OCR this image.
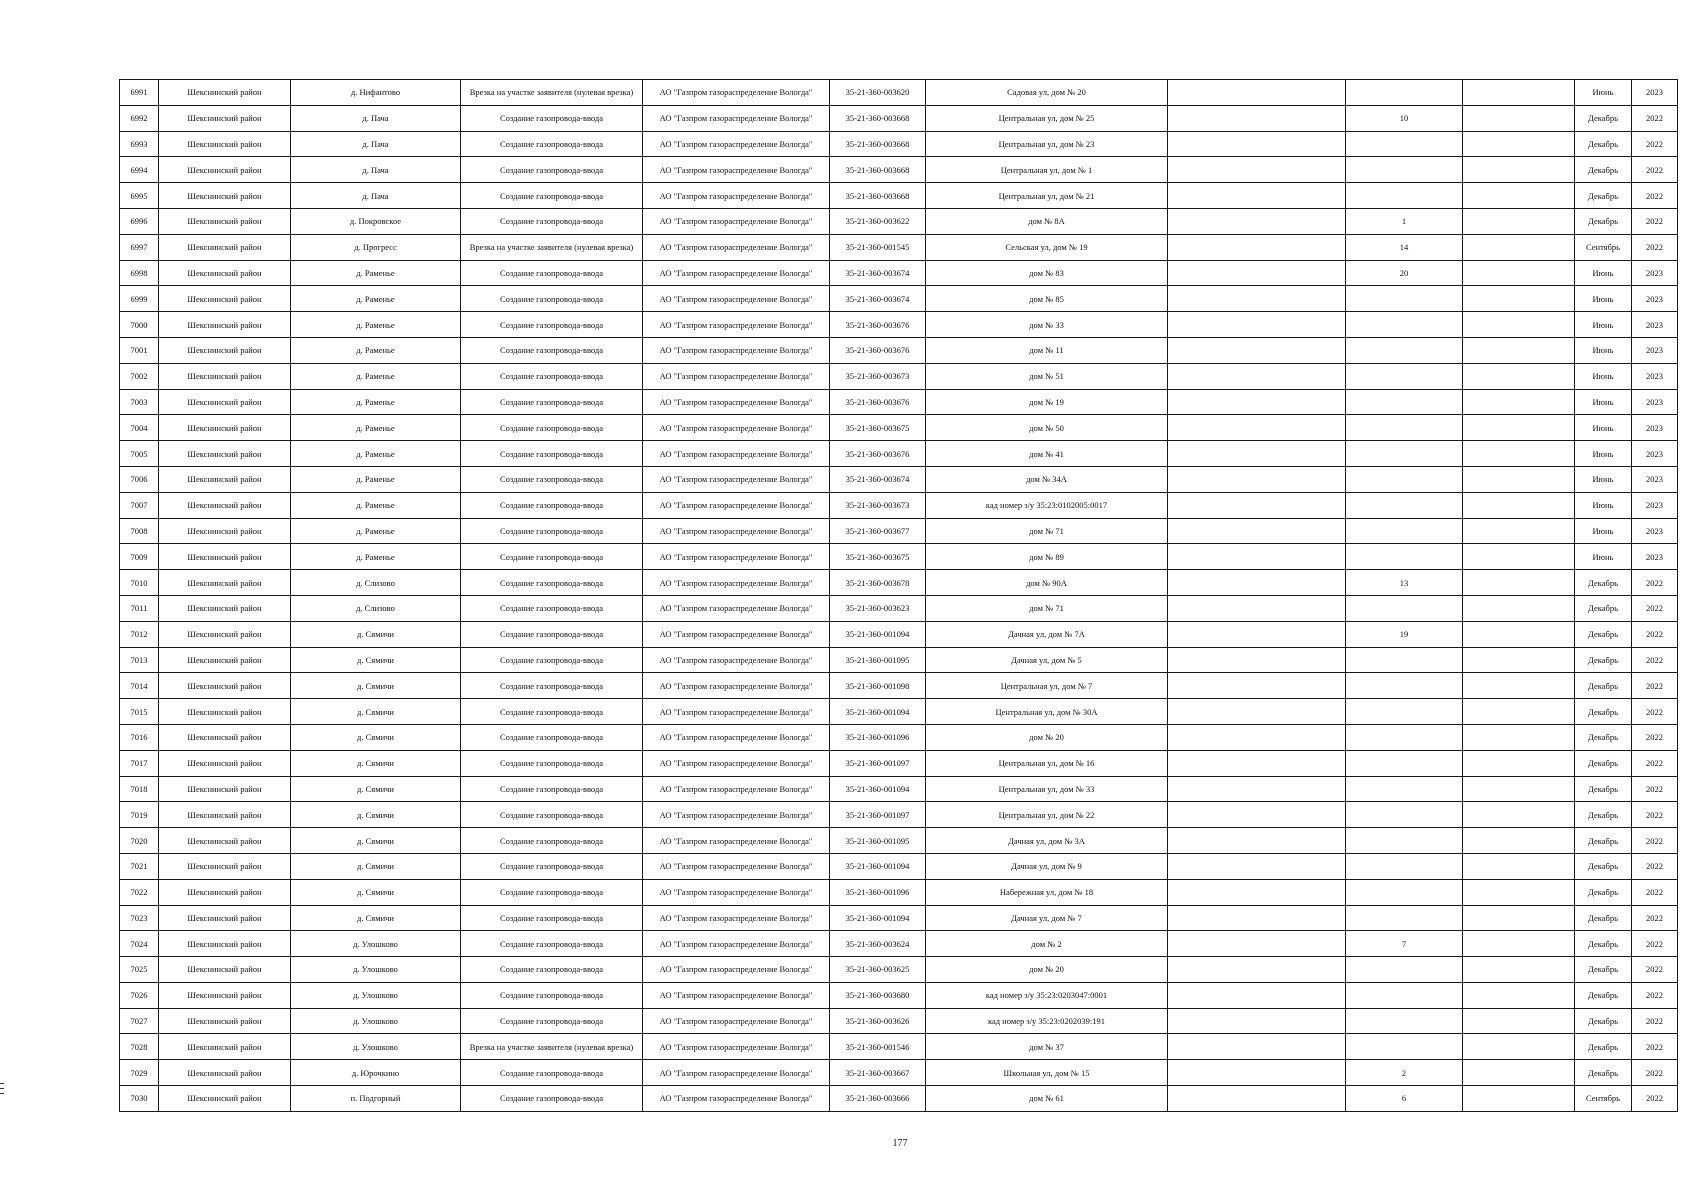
6991	Шекснинский район	д. Нифантово	Врезка на участке заявителя (нулевая врезка)	АО "Газпром газораспределение Вологда"	35-21-360-003620	Садовая ул, дом № 20				Июнь	2023
6992	Шекснинский район	д. Пача	Создание газопровода-ввода	АО "Газпром газораспределение Вологда"	35-21-360-003668	Центральная ул, дом № 25		10		Декабрь	2022
6993	Шекснинский район	д. Пача	Создание газопровода-ввода	АО "Газпром газораспределение Вологда"	35-21-360-003668	Центральная ул, дом № 23				Декабрь	2022
6994	Шекснинский район	д. Пача	Создание газопровода-ввода	АО "Газпром газораспределение Вологда"	35-21-360-003668	Центральная ул, дом № 1				Декабрь	2022
6995	Шекснинский район	д. Пача	Создание газопровода-ввода	АО "Газпром газораспределение Вологда"	35-21-360-003668	Центральная ул, дом № 21				Декабрь	2022
6996	Шекснинский район	д. Покровское	Создание газопровода-ввода	АО "Газпром газораспределение Вологда"	35-21-360-003622	дом № 8А		1		Декабрь	2022
6997	Шекснинский район	д. Прогресс	Врезка на участке заявителя (нулевая врезка)	АО "Газпром газораспределение Вологда"	35-21-360-001545	Сельская ул, дом № 19		14		Сентябрь	2022
6998	Шекснинский район	д. Раменье	Создание газопровода-ввода	АО "Газпром газораспределение Вологда"	35-21-360-003674	дом № 83		20		Июнь	2023
6999	Шекснинский район	д. Раменье	Создание газопровода-ввода	АО "Газпром газораспределение Вологда"	35-21-360-003674	дом № 85				Июнь	2023
7000	Шекснинский район	д. Раменье	Создание газопровода-ввода	АО "Газпром газораспределение Вологда"	35-21-360-003676	дом № 33				Июнь	2023
7001	Шекснинский район	д. Раменье	Создание газопровода-ввода	АО "Газпром газораспределение Вологда"	35-21-360-003676	дом № 11				Июнь	2023
7002	Шекснинский район	д. Раменье	Создание газопровода-ввода	АО "Газпром газораспределение Вологда"	35-21-360-003673	дом № 51				Июнь	2023
7003	Шекснинский район	д. Раменье	Создание газопровода-ввода	АО "Газпром газораспределение Вологда"	35-21-360-003676	дом № 19				Июнь	2023
7004	Шекснинский район	д. Раменье	Создание газопровода-ввода	АО "Газпром газораспределение Вологда"	35-21-360-003675	дом № 50				Июнь	2023
7005	Шекснинский район	д. Раменье	Создание газопровода-ввода	АО "Газпром газораспределение Вологда"	35-21-360-003676	дом № 41				Июнь	2023
7006	Шекснинский район	д. Раменье	Создание газопровода-ввода	АО "Газпром газораспределение Вологда"	35-21-360-003674	дом № 34А				Июнь	2023
7007	Шекснинский район	д. Раменье	Создание газопровода-ввода	АО "Газпром газораспределение Вологда"	35-21-360-003673	кад номер з/у 35:23:0102005:0017				Июнь	2023
7008	Шекснинский район	д. Раменье	Создание газопровода-ввода	АО "Газпром газораспределение Вологда"	35-21-360-003677	дом № 71				Июнь	2023
7009	Шекснинский район	д. Раменье	Создание газопровода-ввода	АО "Газпром газораспределение Вологда"	35-21-360-003675	дом № 89				Июнь	2023
7010	Шекснинский район	д. Слизово	Создание газопровода-ввода	АО "Газпром газораспределение Вологда"	35-21-360-003678	дом № 90А		13		Декабрь	2022
7011	Шекснинский район	д. Слизово	Создание газопровода-ввода	АО "Газпром газораспределение Вологда"	35-21-360-003623	дом № 71				Декабрь	2022
7012	Шекснинский район	д. Сямичи	Создание газопровода-ввода	АО "Газпром газораспределение Вологда"	35-21-360-001094	Дачная ул, дом № 7А		19		Декабрь	2022
7013	Шекснинский район	д. Сямичи	Создание газопровода-ввода	АО "Газпром газораспределение Вологда"	35-21-360-001095	Дачная ул, дом № 5				Декабрь	2022
7014	Шекснинский район	д. Сямичи	Создание газопровода-ввода	АО "Газпром газораспределение Вологда"	35-21-360-001098	Центральная ул, дом № 7				Декабрь	2022
7015	Шекснинский район	д. Сямичи	Создание газопровода-ввода	АО "Газпром газораспределение Вологда"	35-21-360-001094	Центральная ул, дом № 30А				Декабрь	2022
7016	Шекснинский район	д. Сямичи	Создание газопровода-ввода	АО "Газпром газораспределение Вологда"	35-21-360-001096	дом № 20				Декабрь	2022
7017	Шекснинский район	д. Сямичи	Создание газопровода-ввода	АО "Газпром газораспределение Вологда"	35-21-360-001097	Центральная ул, дом № 16				Декабрь	2022
7018	Шекснинский район	д. Сямичи	Создание газопровода-ввода	АО "Газпром газораспределение Вологда"	35-21-360-001094	Центральная ул, дом № 33				Декабрь	2022
7019	Шекснинский район	д. Сямичи	Создание газопровода-ввода	АО "Газпром газораспределение Вологда"	35-21-360-001097	Центральная ул, дом № 22				Декабрь	2022
7020	Шекснинский район	д. Сямичи	Создание газопровода-ввода	АО "Газпром газораспределение Вологда"	35-21-360-001095	Дачная ул, дом № 3А				Декабрь	2022
7021	Шекснинский район	д. Сямичи	Создание газопровода-ввода	АО "Газпром газораспределение Вологда"	35-21-360-001094	Дачная ул, дом № 9				Декабрь	2022
7022	Шекснинский район	д. Сямичи	Создание газопровода-ввода	АО "Газпром газораспределение Вологда"	35-21-360-001096	Набережная ул, дом № 18				Декабрь	2022
7023	Шекснинский район	д. Сямичи	Создание газопровода-ввода	АО "Газпром газораспределение Вологда"	35-21-360-001094	Дачная ул, дом № 7				Декабрь	2022
7024	Шекснинский район	д. Улошково	Создание газопровода-ввода	АО "Газпром газораспределение Вологда"	35-21-360-003624	дом № 2		7		Декабрь	2022
7025	Шекснинский район	д. Улошково	Создание газопровода-ввода	АО "Газпром газораспределение Вологда"	35-21-360-003625	дом № 20				Декабрь	2022
7026	Шекснинский район	д. Улошково	Создание газопровода-ввода	АО "Газпром газораспределение Вологда"	35-21-360-003680	кад номер з/у 35:23:0203047:0001				Декабрь	2022
7027	Шекснинский район	д. Улошково	Создание газопровода-ввода	АО "Газпром газораспределение Вологда"	35-21-360-003626	кад номер з/у 35:23:0202039:191				Декабрь	2022
7028	Шекснинский район	д. Улошково	Врезка на участке заявителя (нулевая врезка)	АО "Газпром газораспределение Вологда"	35-21-360-001546	дом № 37				Декабрь	2022
7029	Шекснинский район	д. Юрочкино	Создание газопровода-ввода	АО "Газпром газораспределение Вологда"	35-21-360-003667	Школьная ул, дом № 15		2		Декабрь	2022
7030	Шекснинский район	п. Подгорный	Создание газопровода-ввода	АО "Газпром газораспределение Вологда"	35-21-360-003666	дом № 61		6		Сентябрь	2022
177
